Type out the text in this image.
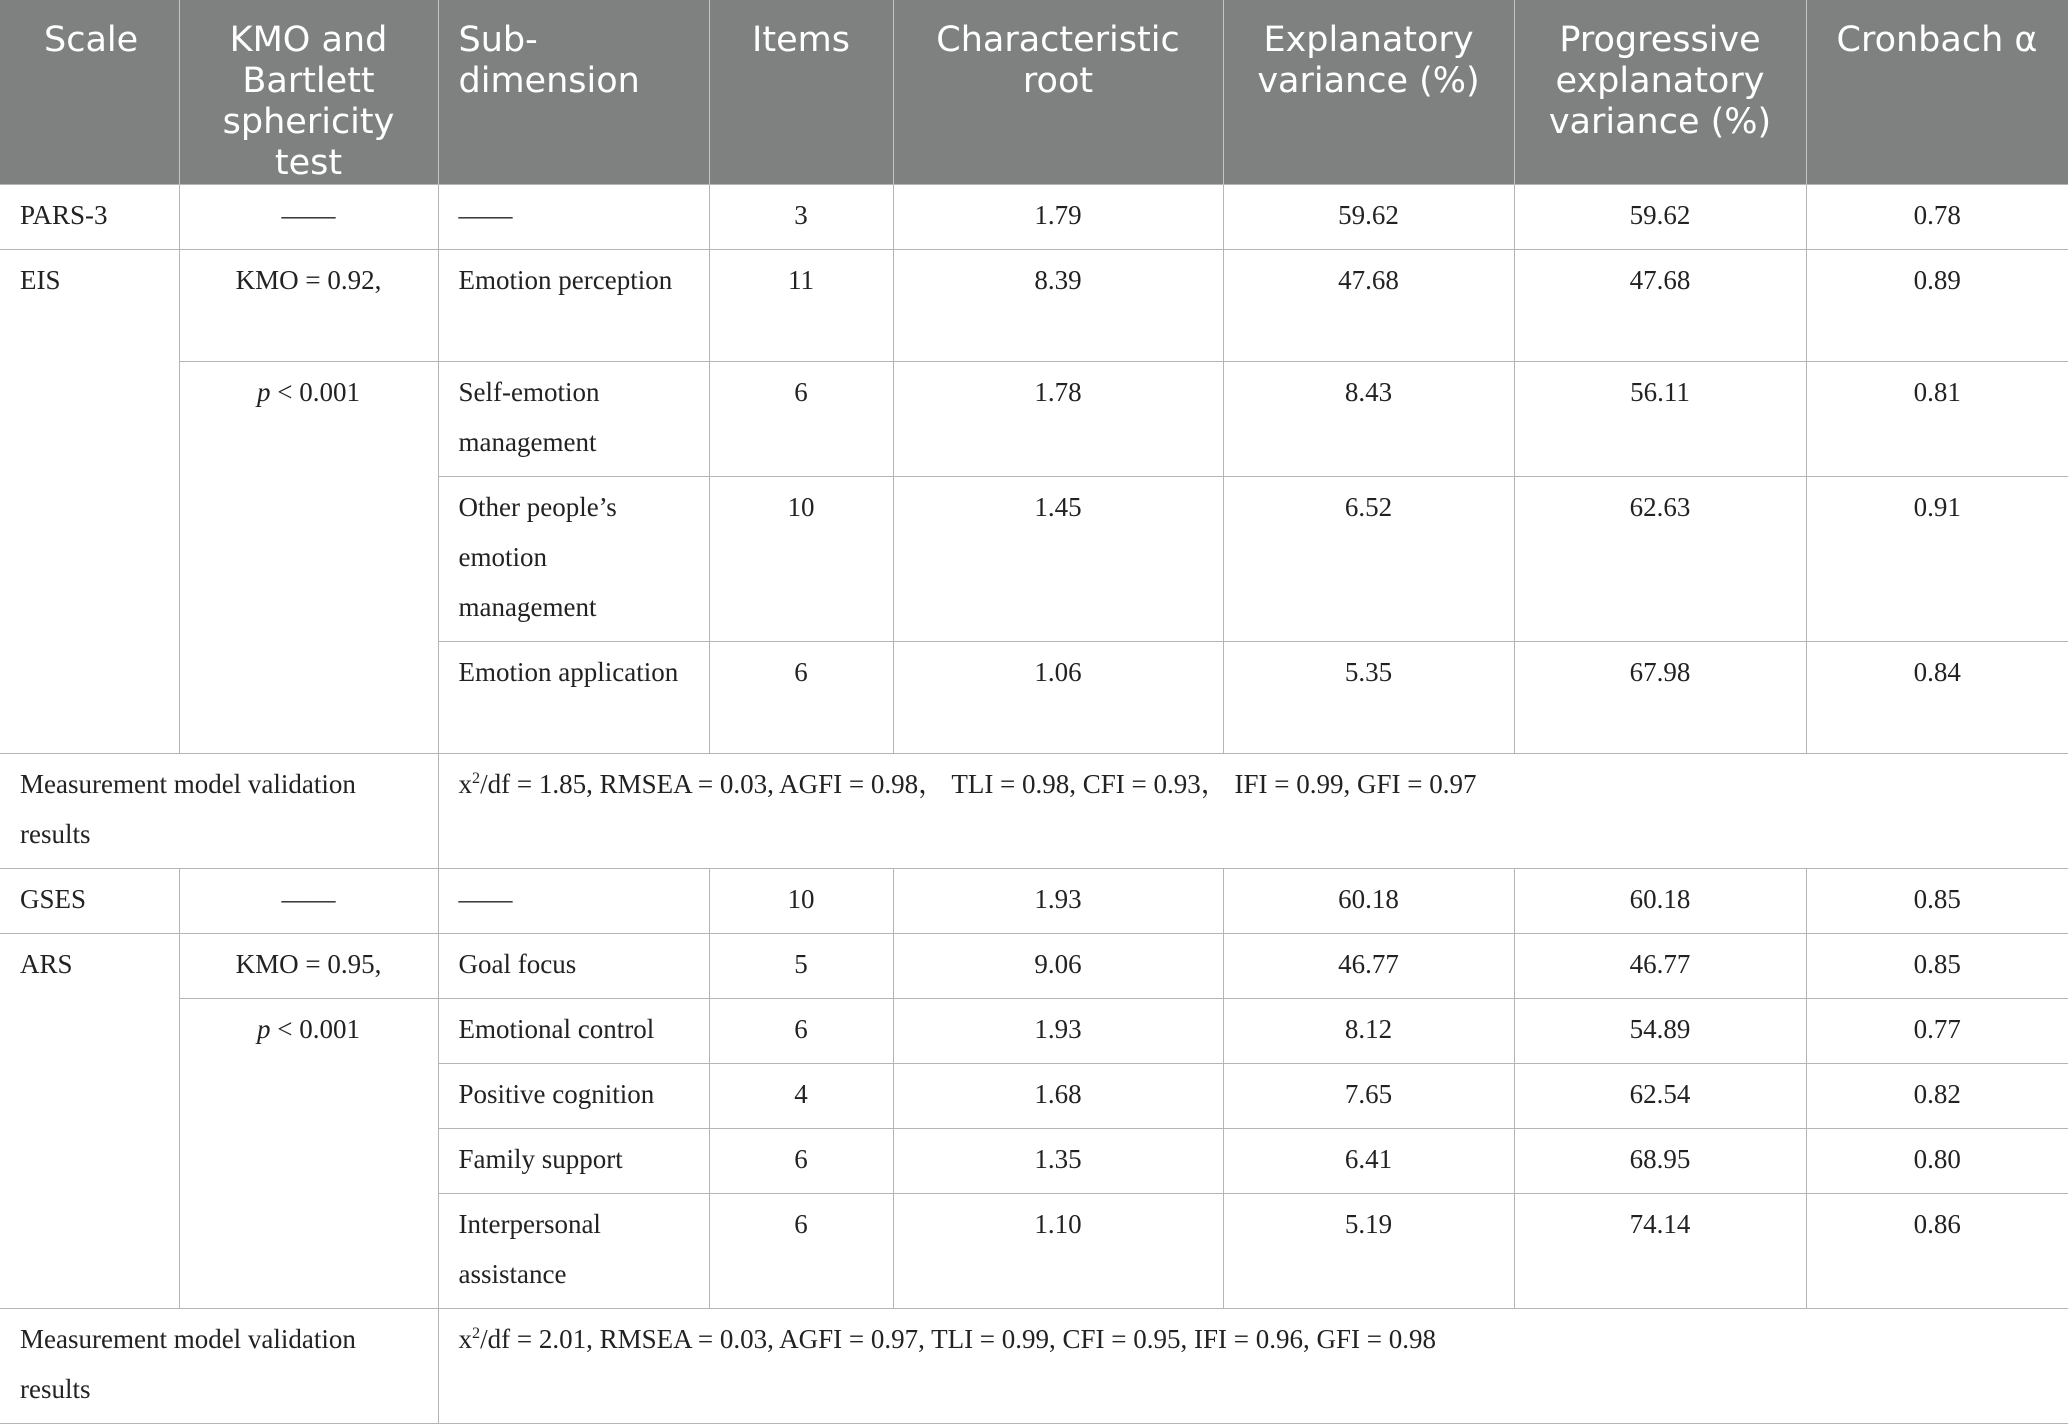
Scale	KMO and Bartlett sphericity test	Sub-dimension	Items	Characteristic root	Explanatory variance (%)	Progressive explanatory variance (%)	Cronbach α
PARS-3	——	——	3	1.79	59.62	59.62	0.78
EIS	KMO = 0.92,	Emotion perception	11	8.39	47.68	47.68	0.89
	p < 0.001	Self-emotion management	6	1.78	8.43	56.11	0.81
		Other people’s emotion management	10	1.45	6.52	62.63	0.91
		Emotion application	6	1.06	5.35	67.98	0.84
Measurement model validation results		$x^2/df = 1.85$, RMSEA = 0.03, AGFI = 0.98， TLI = 0.98, CFI = 0.93， IFI = 0.99, GFI = 0.97					
GSES	——	——	10	1.93	60.18	60.18	0.85
ARS	KMO = 0.95,	Goal focus	5	9.06	46.77	46.77	0.85
	p < 0.001	Emotional control	6	1.93	8.12	54.89	0.77
		Positive cognition	4	1.68	7.65	62.54	0.82
		Family support	6	1.35	6.41	68.95	0.80
		Interpersonal assistance	6	1.10	5.19	74.14	0.86
Measurement model validation results		$x^2/df = 2.01$, RMSEA = 0.03, AGFI = 0.97, TLI = 0.99, CFI = 0.95, IFI = 0.96, GFI = 0.98					
